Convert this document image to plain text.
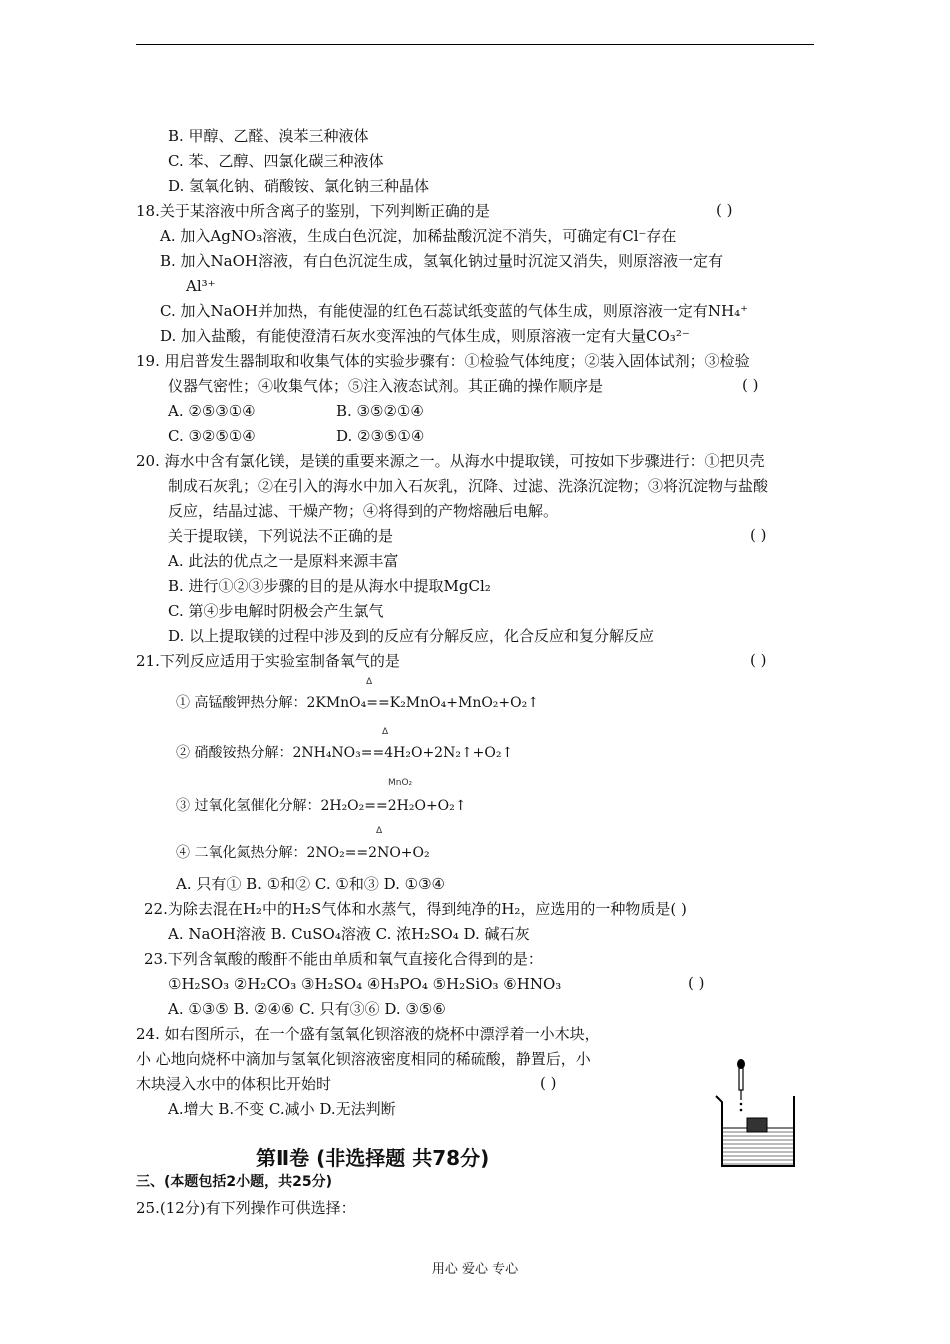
B. 甲醇、乙醛、溴苯三种液体
C. 苯、乙醇、四氯化碳三种液体
D. 氢氧化钠、硝酸铵、氯化钠三种晶体
18.关于某溶液中所含离子的鉴别，下列判断正确的是	( )
A. 加入AgNO₃溶液，生成白色沉淀，加稀盐酸沉淀不消失，可确定有Cl⁻存在
B. 加入NaOH溶液，有白色沉淀生成，氢氧化钠过量时沉淀又消失，则原溶液一定有
Al³⁺
C. 加入NaOH并加热，有能使湿的红色石蕊试纸变蓝的气体生成，则原溶液一定有NH₄⁺
D. 加入盐酸，有能使澄清石灰水变浑浊的气体生成，则原溶液一定有大量CO₃²⁻
19. 用启普发生器制取和收集气体的实验步骤有：①检验气体纯度；②装入固体试剂；③检验
仪器气密性；④收集气体；⑤注入液态试剂。其正确的操作顺序是	( )
A. ②⑤③①④	B. ③⑤②①④
C. ③②⑤①④	D. ②③⑤①④
20. 海水中含有氯化镁，是镁的重要来源之一。从海水中提取镁，可按如下步骤进行：①把贝壳
制成石灰乳；②在引入的海水中加入石灰乳，沉降、过滤、洗涤沉淀物；③将沉淀物与盐酸
反应，结晶过滤、干燥产物；④将得到的产物熔融后电解。
关于提取镁，下列说法不正确的是	( )
A. 此法的优点之一是原料来源丰富
B. 进行①②③步骤的目的是从海水中提取MgCl₂
C. 第④步电解时阴极会产生氯气
D. 以上提取镁的过程中涉及到的反应有分解反应，化合反应和复分解反应
21.下列反应适用于实验室制备氧气的是	( )
Δ
① 高锰酸钾热分解：2KMnO₄==K₂MnO₄+MnO₂+O₂↑
Δ
② 硝酸铵热分解：2NH₄NO₃==4H₂O+2N₂↑+O₂↑
MnO₂
③ 过氧化氢催化分解：2H₂O₂==2H₂O+O₂↑
Δ
④ 二氧化氮热分解：2NO₂==2NO+O₂
A. 只有① B. ①和② C. ①和③ D. ①③④
22.为除去混在H₂中的H₂S气体和水蒸气，得到纯净的H₂，应选用的一种物质是( )
A. NaOH溶液 B. CuSO₄溶液 C. 浓H₂SO₄ D. 碱石灰
23.下列含氧酸的酸酐不能由单质和氧气直接化合得到的是：
①H₂SO₃ ②H₂CO₃ ③H₂SO₄ ④H₃PO₄ ⑤H₂SiO₃ ⑥HNO₃	( )
A. ①③⑤ B. ②④⑥ C. 只有③⑥ D. ③⑤⑥
24. 如右图所示，在一个盛有氢氧化钡溶液的烧杯中漂浮着一小木块，
小 心地向烧杯中滴加与氢氧化钡溶液密度相同的稀硫酸，静置后，小
木块浸入水中的体积比开始时	( )
A.增大 B.不变 C.减小 D.无法判断
第Ⅱ卷 (非选择题 共78分)
三、(本题包括2小题，共25分)
25.(12分)有下列操作可供选择：
用心 爱心 专心
